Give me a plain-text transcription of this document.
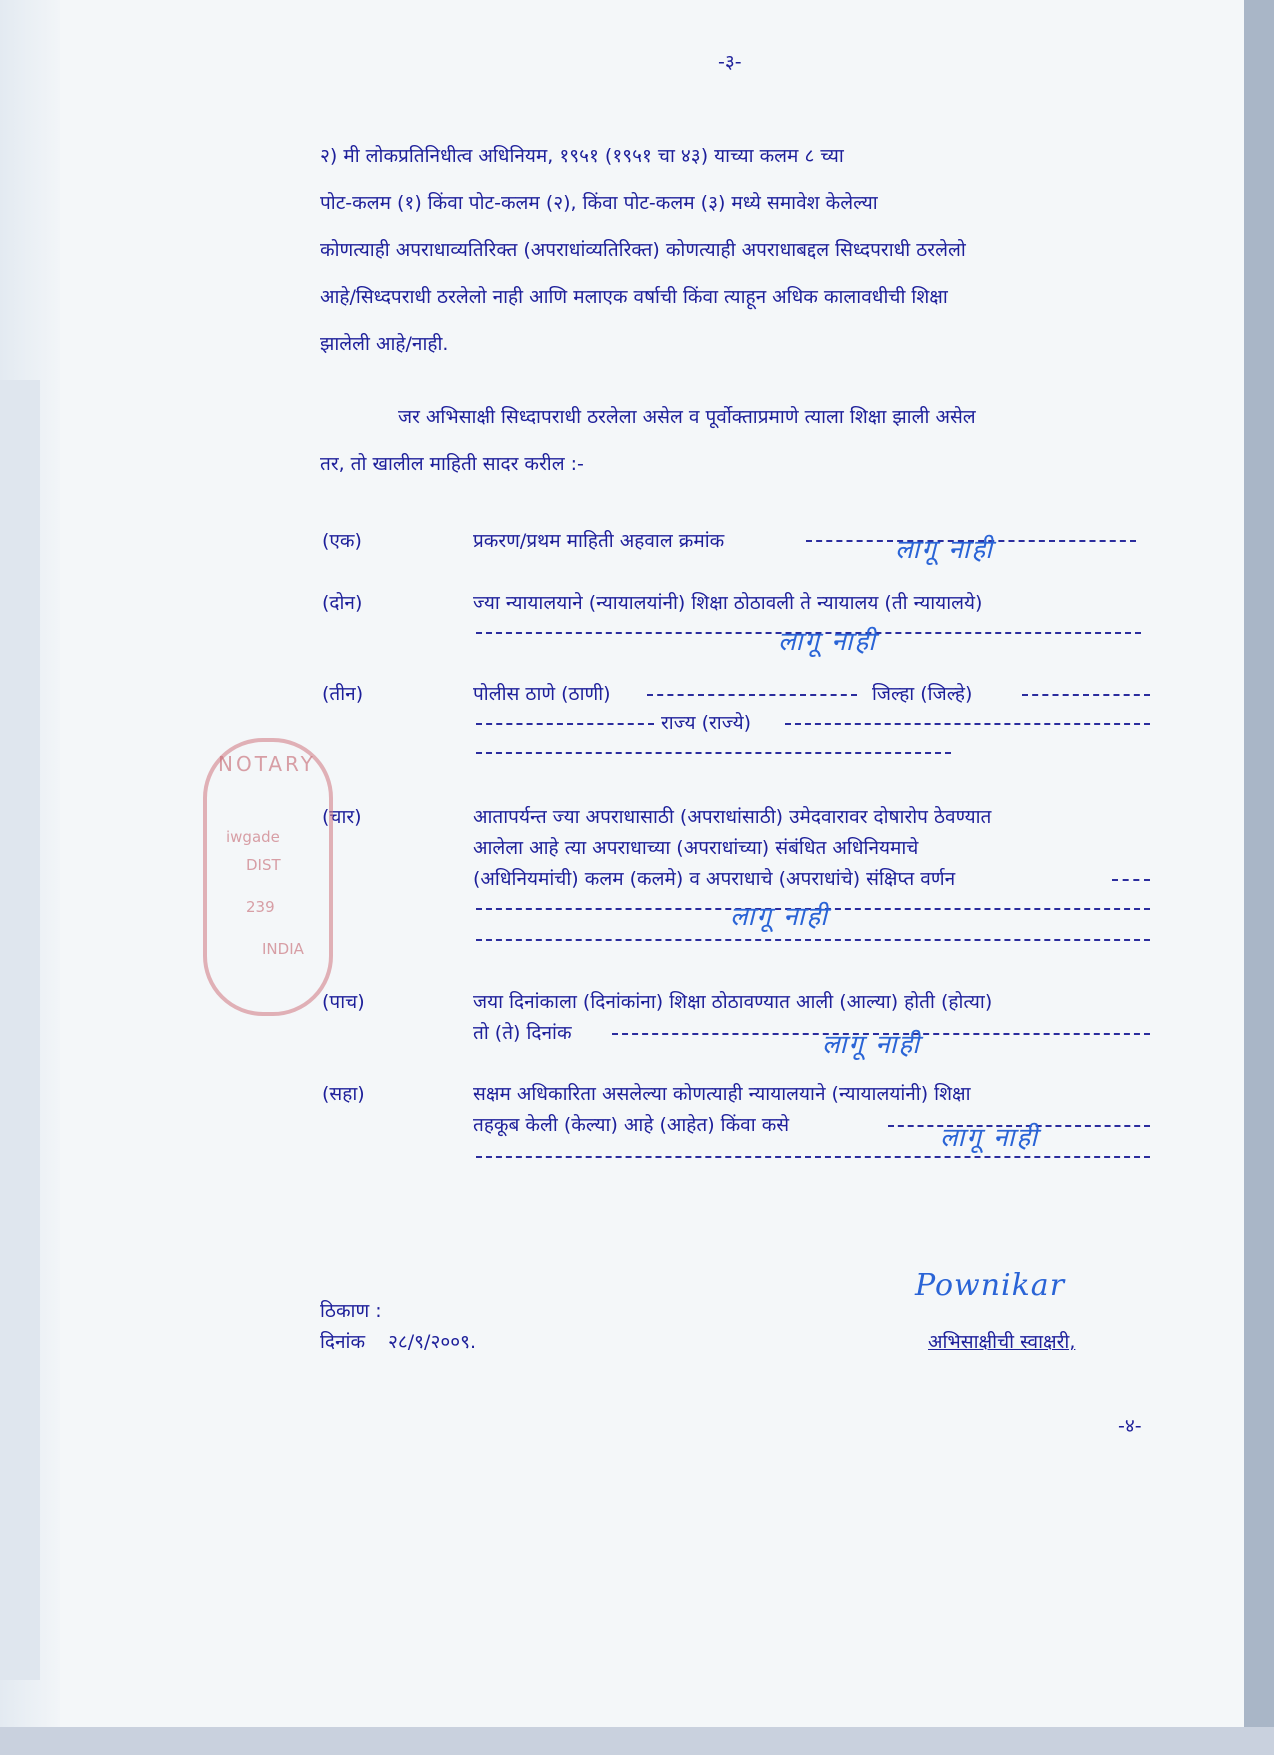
-३-
२) मी लोकप्रतिनिधीत्व अधिनियम, १९५१ (१९५१ चा ४३) याच्या कलम ८ च्या
पोट-कलम (१) किंवा पोट-कलम (२), किंवा पोट-कलम (३) मध्ये समावेश केलेल्या
कोणत्याही अपराधाव्यतिरिक्त (अपराधांव्यतिरिक्त) कोणत्याही अपराधाबद्दल सिध्दपराधी ठरलेलो
आहे/सिध्दपराधी ठरलेलो नाही आणि मलाएक वर्षाची किंवा त्याहून अधिक कालावधीची शिक्षा
झालेली आहे/नाही.
जर अभिसाक्षी सिध्दापराधी ठरलेला असेल व पूर्वोक्ताप्रमाणे त्याला शिक्षा झाली असेल
तर, तो खालील माहिती सादर करील :-
(एक)	प्रकरण/प्रथम माहिती अहवाल क्रमांक	लागू नाही
(दोन)	ज्या न्यायालयाने (न्यायालयांनी) शिक्षा ठोठावली ते न्यायालय (ती न्यायालये)
लागू नाही
(तीन)	पोलीस ठाणे (ठाणी)	जिल्हा (जिल्हे)
राज्य (राज्ये)
(चार)	आतापर्यन्त ज्या अपराधासाठी (अपराधांसाठी) उमेदवारावर दोषारोप ठेवण्यात
आलेला आहे त्या अपराधाच्या (अपराधांच्या) संबंधित अधिनियमाचे
(अधिनियमांची) कलम (कलमे) व अपराधाचे (अपराधांचे) संक्षिप्त वर्णन
लागू नाही
(पाच)	जया दिनांकाला (दिनांकांना) शिक्षा ठोठावण्यात आली (आल्या) होती (होत्या)
तो (ते) दिनांक	लागू नाही
(सहा)	सक्षम अधिकारिता असलेल्या कोणत्याही न्यायालयाने (न्यायालयांनी) शिक्षा
तहकूब केली (केल्या) आहे (आहेत) किंवा कसे	लागू नाही
NOTARY
iwgade
DIST
239
INDIA
ठिकाण :
दिनांक २८/९/२००९.
Pownikar
अभिसाक्षीची स्वाक्षरी,
-४-
